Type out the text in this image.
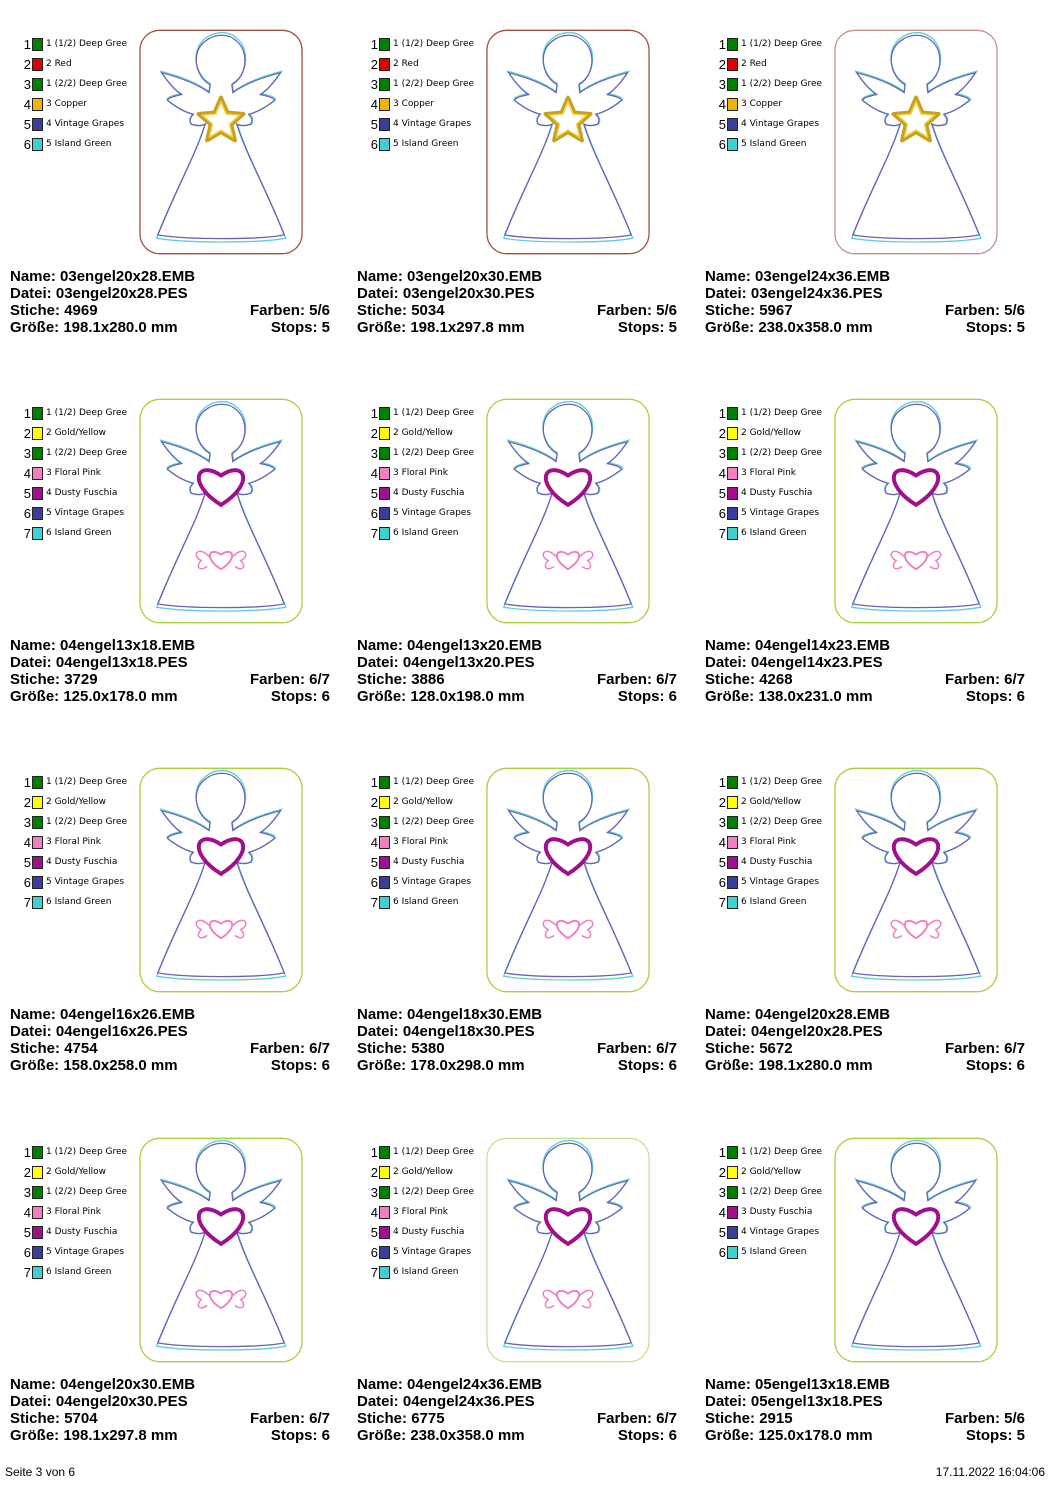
1 1 (1/2) Deep Gree
2 2 Red
3 1 (2/2) Deep Gree
4 3 Copper
5 4 Vintage Grapes
6 5 Island Green
Name: 03engel20x28.EMB
Datei: 03engel20x28.PES
Stiche: 4969	Farben: 5/6
Größe: 198.1x280.0 mm	Stops: 5
1 1 (1/2) Deep Gree
2 2 Red
3 1 (2/2) Deep Gree
4 3 Copper
5 4 Vintage Grapes
6 5 Island Green
Name: 03engel20x30.EMB
Datei: 03engel20x30.PES
Stiche: 5034	Farben: 5/6
Größe: 198.1x297.8 mm	Stops: 5
1 1 (1/2) Deep Gree
2 2 Red
3 1 (2/2) Deep Gree
4 3 Copper
5 4 Vintage Grapes
6 5 Island Green
Name: 03engel24x36.EMB
Datei: 03engel24x36.PES
Stiche: 5967	Farben: 5/6
Größe: 238.0x358.0 mm	Stops: 5
1 1 (1/2) Deep Gree
2 2 Gold/Yellow
3 1 (2/2) Deep Gree
4 3 Floral Pink
5 4 Dusty Fuschia
6 5 Vintage Grapes
7 6 Island Green
Name: 04engel13x18.EMB
Datei: 04engel13x18.PES
Stiche: 3729	Farben: 6/7
Größe: 125.0x178.0 mm	Stops: 6
1 1 (1/2) Deep Gree
2 2 Gold/Yellow
3 1 (2/2) Deep Gree
4 3 Floral Pink
5 4 Dusty Fuschia
6 5 Vintage Grapes
7 6 Island Green
Name: 04engel13x20.EMB
Datei: 04engel13x20.PES
Stiche: 3886	Farben: 6/7
Größe: 128.0x198.0 mm	Stops: 6
1 1 (1/2) Deep Gree
2 2 Gold/Yellow
3 1 (2/2) Deep Gree
4 3 Floral Pink
5 4 Dusty Fuschia
6 5 Vintage Grapes
7 6 Island Green
Name: 04engel14x23.EMB
Datei: 04engel14x23.PES
Stiche: 4268	Farben: 6/7
Größe: 138.0x231.0 mm	Stops: 6
1 1 (1/2) Deep Gree
2 2 Gold/Yellow
3 1 (2/2) Deep Gree
4 3 Floral Pink
5 4 Dusty Fuschia
6 5 Vintage Grapes
7 6 Island Green
Name: 04engel16x26.EMB
Datei: 04engel16x26.PES
Stiche: 4754	Farben: 6/7
Größe: 158.0x258.0 mm	Stops: 6
1 1 (1/2) Deep Gree
2 2 Gold/Yellow
3 1 (2/2) Deep Gree
4 3 Floral Pink
5 4 Dusty Fuschia
6 5 Vintage Grapes
7 6 Island Green
Name: 04engel18x30.EMB
Datei: 04engel18x30.PES
Stiche: 5380	Farben: 6/7
Größe: 178.0x298.0 mm	Stops: 6
1 1 (1/2) Deep Gree
2 2 Gold/Yellow
3 1 (2/2) Deep Gree
4 3 Floral Pink
5 4 Dusty Fuschia
6 5 Vintage Grapes
7 6 Island Green
Name: 04engel20x28.EMB
Datei: 04engel20x28.PES
Stiche: 5672	Farben: 6/7
Größe: 198.1x280.0 mm	Stops: 6
1 1 (1/2) Deep Gree
2 2 Gold/Yellow
3 1 (2/2) Deep Gree
4 3 Floral Pink
5 4 Dusty Fuschia
6 5 Vintage Grapes
7 6 Island Green
Name: 04engel20x30.EMB
Datei: 04engel20x30.PES
Stiche: 5704	Farben: 6/7
Größe: 198.1x297.8 mm	Stops: 6
1 1 (1/2) Deep Gree
2 2 Gold/Yellow
3 1 (2/2) Deep Gree
4 3 Floral Pink
5 4 Dusty Fuschia
6 5 Vintage Grapes
7 6 Island Green
Name: 04engel24x36.EMB
Datei: 04engel24x36.PES
Stiche: 6775	Farben: 6/7
Größe: 238.0x358.0 mm	Stops: 6
1 1 (1/2) Deep Gree
2 2 Gold/Yellow
3 1 (2/2) Deep Gree
4 3 Dusty Fuschia
5 4 Vintage Grapes
6 5 Island Green
Name: 05engel13x18.EMB
Datei: 05engel13x18.PES
Stiche: 2915	Farben: 5/6
Größe: 125.0x178.0 mm	Stops: 5
Seite 3 von 6	17.11.2022 16:04:06
